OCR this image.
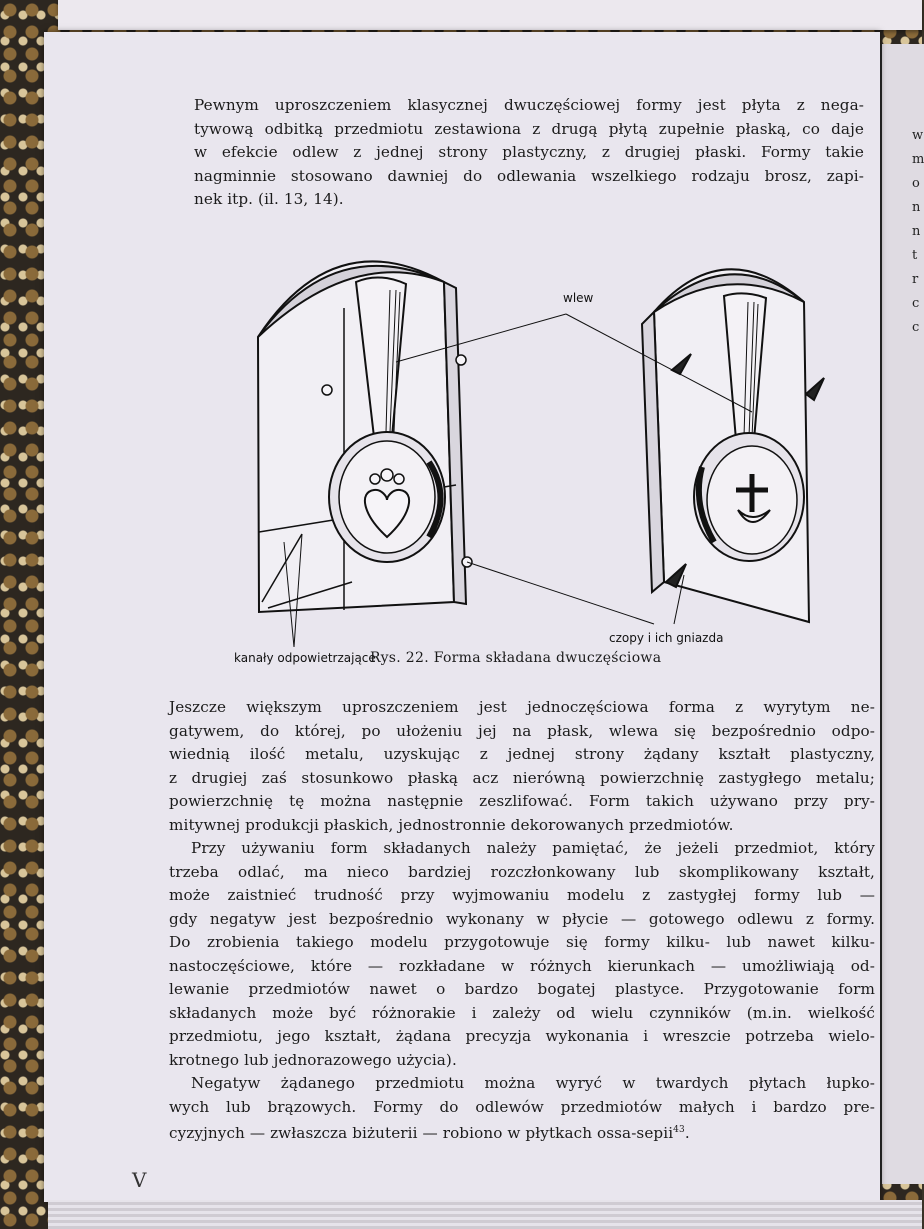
w
m
o
n
n
t
r
c
c

Pewnym uproszczeniem klasycznej dwuczęściowej formy jest płyta z nega-
tywową odbitką przedmiotu zestawiona z drugą płytą zupełnie płaską, co daje
w efekcie odlew z jednej strony plastyczny, z drugiej płaski. Formy takie
nagminnie stosowano dawniej do odlewania wszelkiego rodzaju brosz, zapi-
nek itp. (il. 13, 14).

wlew
czopy i ich gniazda
kanały odpowietrzające
Rys. 22. Forma składana dwuczęściowa

Jeszcze większym uproszczeniem jest jednoczęściowa forma z wyrytym ne-
gatywem, do której, po ułożeniu jej na płask, wlewa się bezpośrednio odpo-
wiednią ilość metalu, uzyskując z jednej strony żądany kształt plastyczny,
z drugiej zaś stosunkowo płaską acz nierówną powierzchnię zastygłego metalu;
powierzchnię tę można następnie zeszlifować. Form takich używano przy pry-
mitywnej produkcji płaskich, jednostronnie dekorowanych przedmiotów.
Przy używaniu form składanych należy pamiętać, że jeżeli przedmiot, który
trzeba odlać, ma nieco bardziej rozczłonkowany lub skomplikowany kształt,
może zaistnieć trudność przy wyjmowaniu modelu z zastygłej formy lub —
gdy negatyw jest bezpośrednio wykonany w płycie — gotowego odlewu z formy.
Do zrobienia takiego modelu przygotowuje się formy kilku- lub nawet kilku-
nastoczęściowe, które — rozkładane w różnych kierunkach — umożliwiają od-
lewanie przedmiotów nawet o bardzo bogatej plastyce. Przygotowanie form
składanych może być różnorakie i zależy od wielu czynników (m.in. wielkość
przedmiotu, jego kształt, żądana precyzja wykonania i wreszcie potrzeba wielo-
krotnego lub jednorazowego użycia).
Negatyw żądanego przedmiotu można wyryć w twardych płytach łupko-
wych lub brązowych. Formy do odlewów przedmiotów małych i bardzo pre-
cyzyjnych — zwłaszcza biżuterii — robiono w płytkach ossa-sepii$^{43}$.

V
